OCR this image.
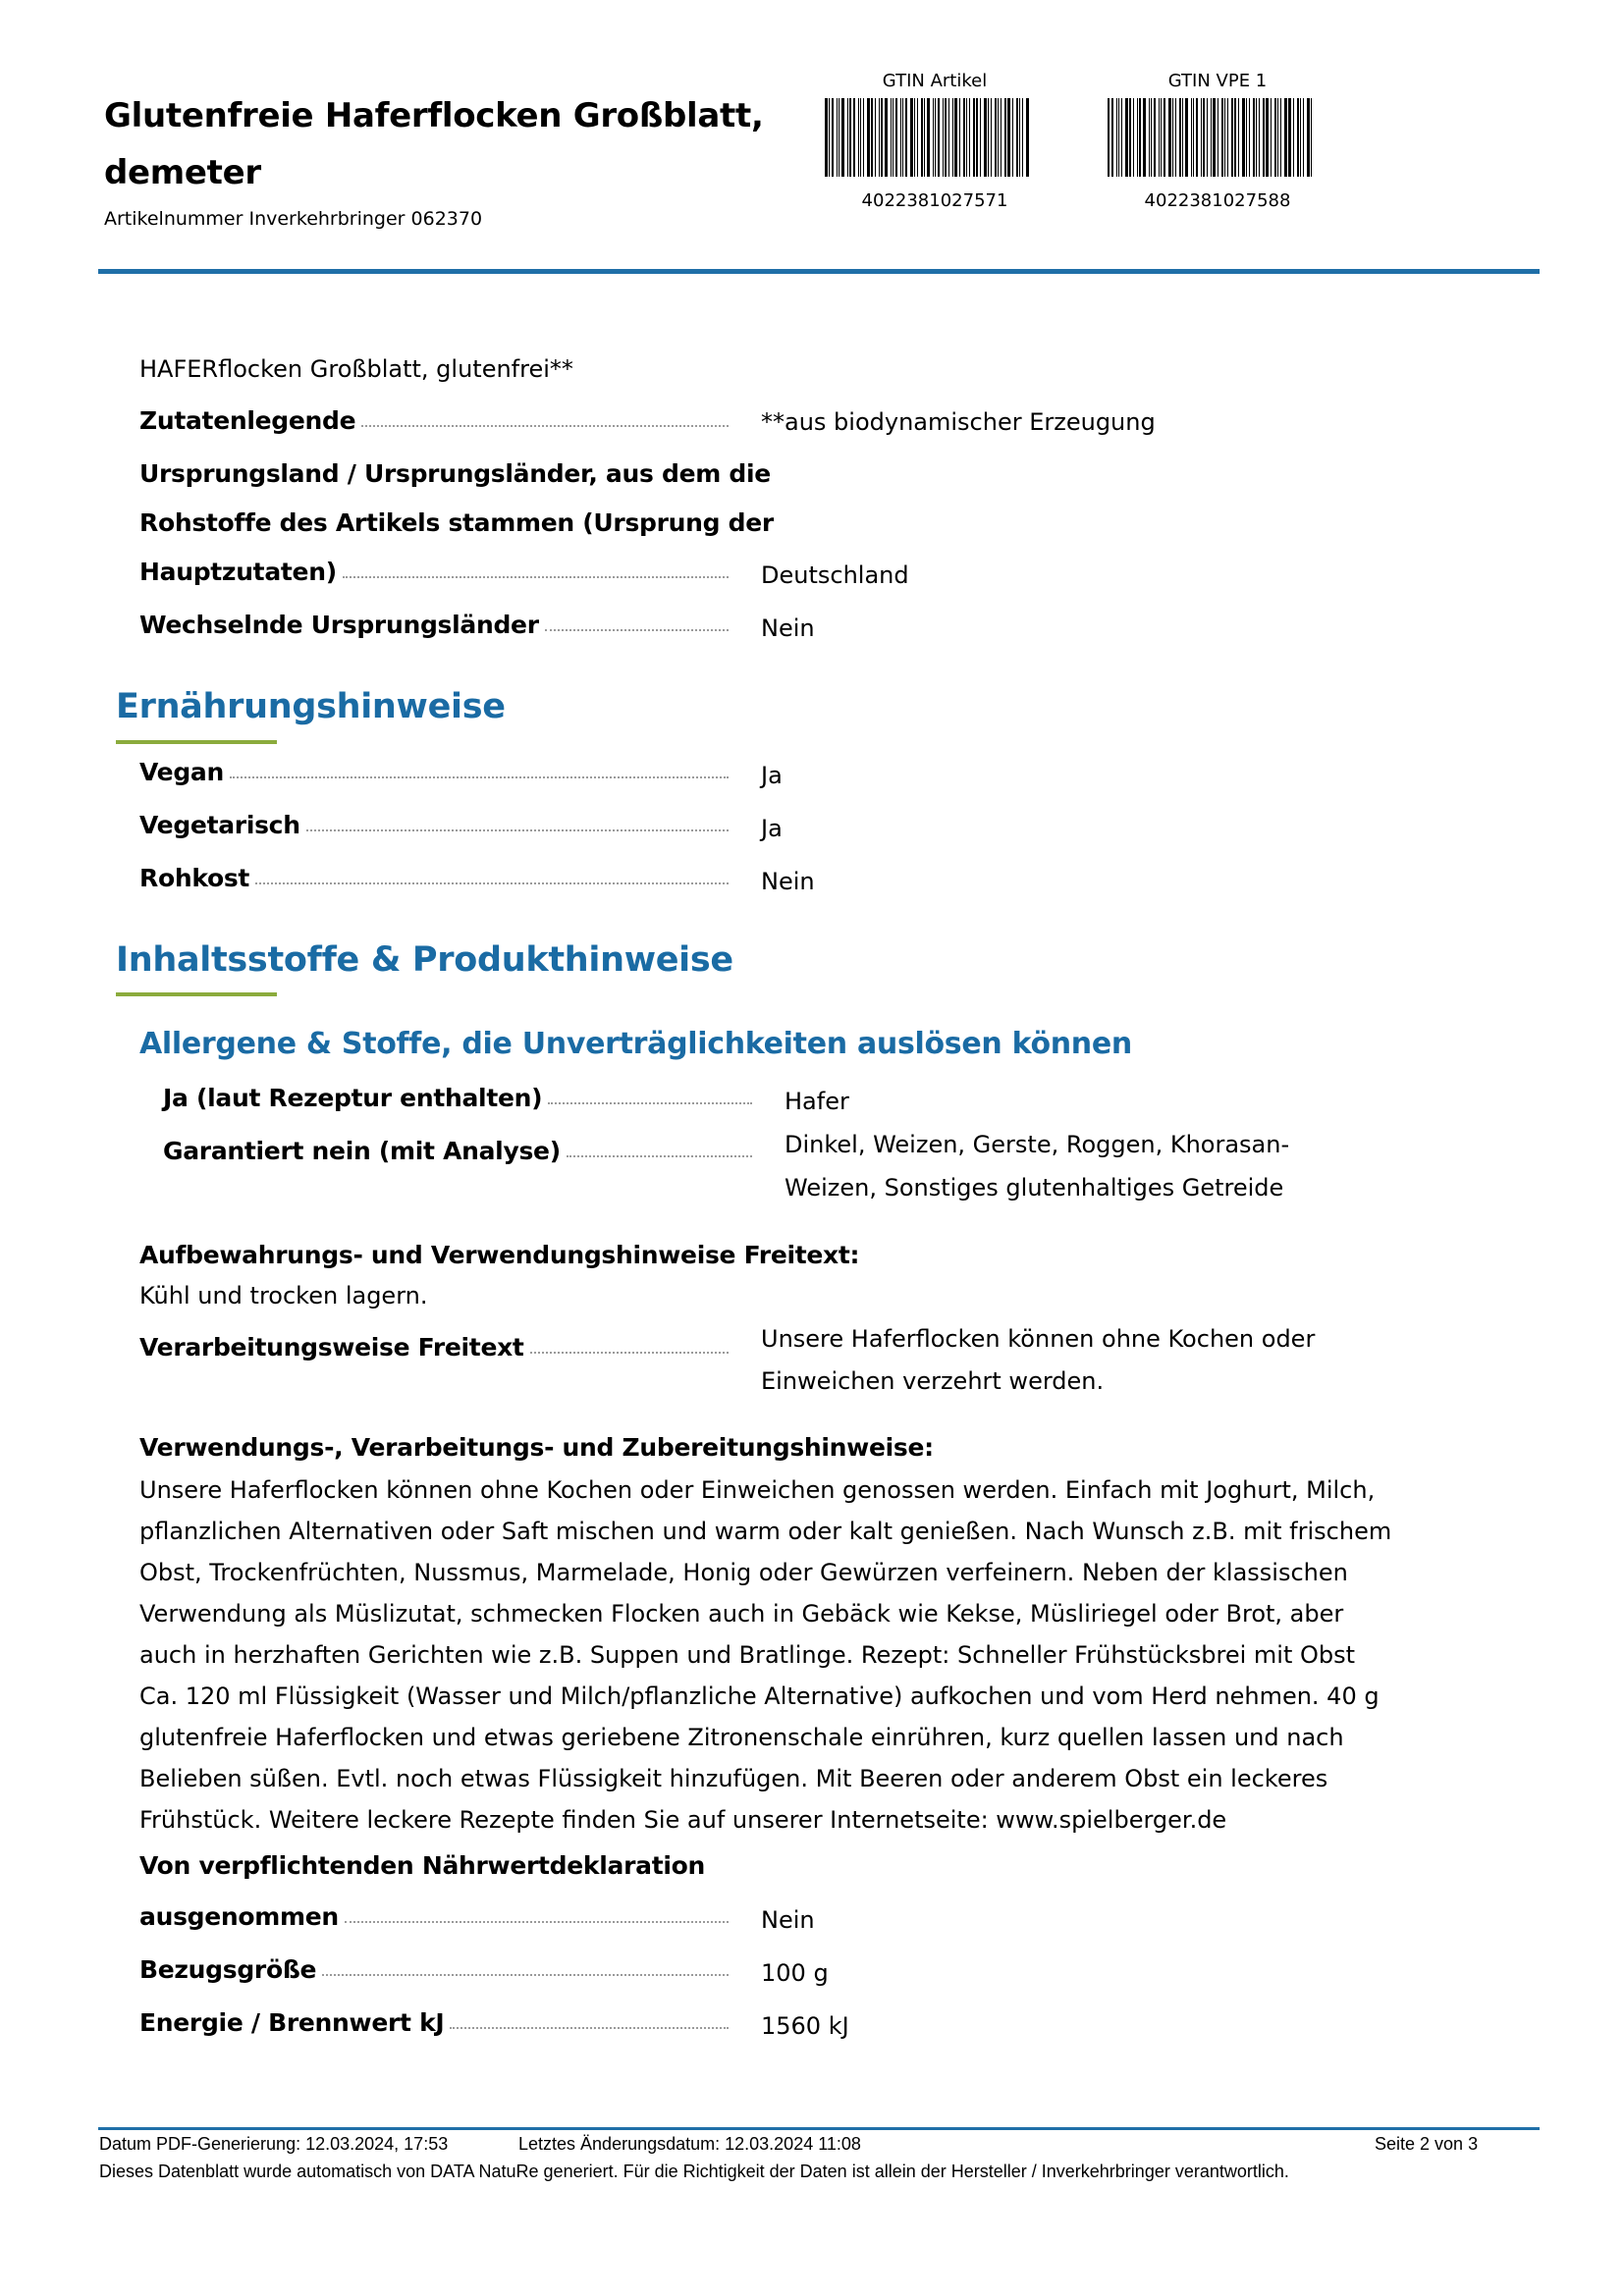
Glutenfreie Haferflocken Großblatt,
demeter
Artikelnummer Inverkehrbringer 062370
GTIN Artikel
4022381027571
GTIN VPE 1
4022381027588
HAFERflocken Großblatt, glutenfrei**
Zutatenlegende	**aus biodynamischer Erzeugung
Ursprungsland / Ursprungsländer, aus dem die
Rohstoffe des Artikels stammen (Ursprung der
Hauptzutaten)	Deutschland
Wechselnde Ursprungsländer	Nein
Ernährungshinweise
Vegan	Ja
Vegetarisch	Ja
Rohkost	Nein
Inhaltsstoffe & Produkthinweise
Allergene & Stoffe, die Unverträglichkeiten auslösen können
Ja (laut Rezeptur enthalten)	Hafer
Garantiert nein (mit Analyse)	Dinkel, Weizen, Gerste, Roggen, Khorasan-
Weizen, Sonstiges glutenhaltiges Getreide
Aufbewahrungs- und Verwendungshinweise Freitext:
Kühl und trocken lagern.
Verarbeitungsweise Freitext	Unsere Haferflocken können ohne Kochen oder
Einweichen verzehrt werden.
Verwendungs-, Verarbeitungs- und Zubereitungshinweise:
Unsere Haferflocken können ohne Kochen oder Einweichen genossen werden. Einfach mit Joghurt, Milch, pflanzlichen Alternativen oder Saft mischen und warm oder kalt genießen. Nach Wunsch z.B. mit frischem Obst, Trockenfrüchten, Nussmus, Marmelade, Honig oder Gewürzen verfeinern. Neben der klassischen Verwendung als Müslizutat, schmecken Flocken auch in Gebäck wie Kekse, Müsliriegel oder Brot, aber auch in herzhaften Gerichten wie z.B. Suppen und Bratlinge. Rezept: Schneller Frühstücksbrei mit Obst Ca. 120 ml Flüssigkeit (Wasser und Milch/pflanzliche Alternative) aufkochen und vom Herd nehmen. 40 g glutenfreie Haferflocken und etwas geriebene Zitronenschale einrühren, kurz quellen lassen und nach Belieben süßen. Evtl. noch etwas Flüssigkeit hinzufügen. Mit Beeren oder anderem Obst ein leckeres Frühstück. Weitere leckere Rezepte finden Sie auf unserer Internetseite: www.spielberger.de
Von verpflichtenden Nährwertdeklaration
ausgenommen	Nein
Bezugsgröße	100 g
Energie / Brennwert kJ	1560 kJ
Datum PDF-Generierung: 12.03.2024, 17:53	Letztes Änderungsdatum: 12.03.2024 11:08	Seite 2 von 3
Dieses Datenblatt wurde automatisch von DATA NatuRe generiert. Für die Richtigkeit der Daten ist allein der Hersteller / Inverkehrbringer verantwortlich.
